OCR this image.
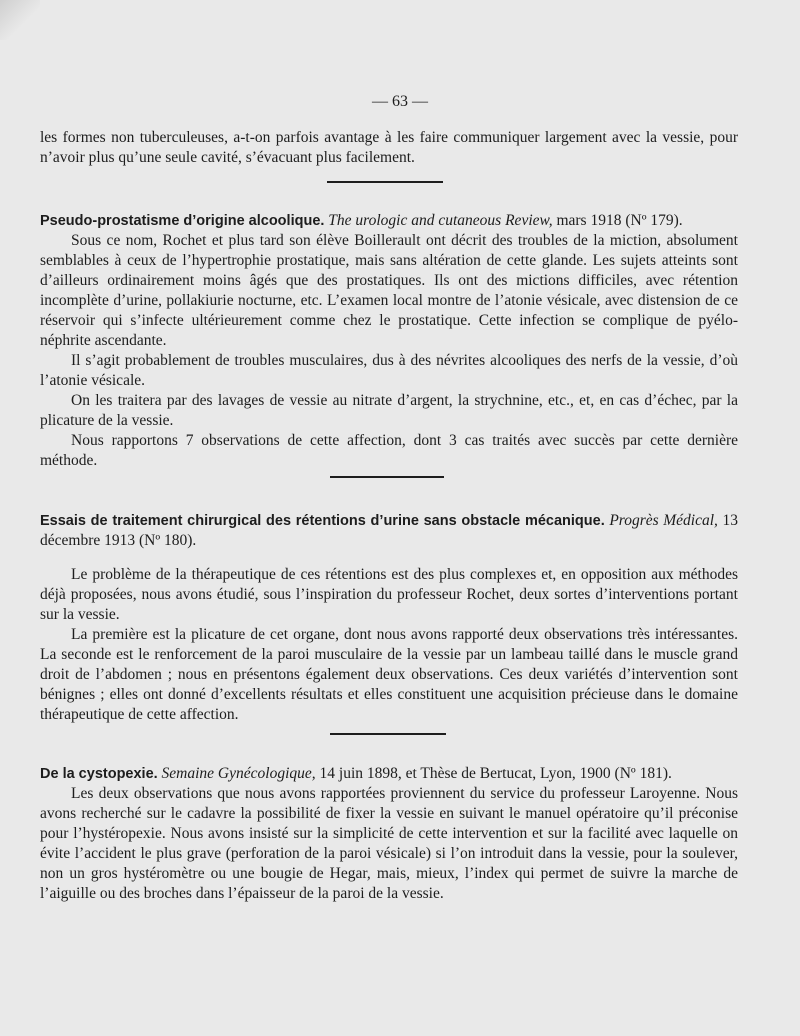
— 63 —

les formes non tuberculeuses, a-t-on parfois avantage à les faire communiquer largement avec la vessie, pour n’avoir plus qu’une seule cavité, s’évacuant plus facilement.

Pseudo-prostatisme d’origine alcoolique. The urologic and cutaneous Review, mars 1918 (Nº 179).

Sous ce nom, Rochet et plus tard son élève Boillerault ont décrit des troubles de la miction, absolument semblables à ceux de l’hypertrophie prostatique, mais sans altération de cette glande. Les sujets atteints sont d’ailleurs ordinairement moins âgés que des prostatiques. Ils ont des mictions difficiles, avec rétention incomplète d’urine, pollakiurie nocturne, etc. L’examen local montre de l’atonie vésicale, avec distension de ce réservoir qui s’infecte ultérieurement comme chez le prostatique. Cette infection se complique de pyélo-néphrite ascendante.

Il s’agit probablement de troubles musculaires, dus à des névrites alcooliques des nerfs de la vessie, d’où l’atonie vésicale.

On les traitera par des lavages de vessie au nitrate d’argent, la strychnine, etc., et, en cas d’échec, par la plicature de la vessie.

Nous rapportons 7 observations de cette affection, dont 3 cas traités avec succès par cette dernière méthode.

Essais de traitement chirurgical des rétentions d’urine sans obstacle mécanique. Progrès Médical, 13 décembre 1913 (Nº 180).

Le problème de la thérapeutique de ces rétentions est des plus complexes et, en opposition aux méthodes déjà proposées, nous avons étudié, sous l’inspiration du professeur Rochet, deux sortes d’interventions portant sur la vessie.

La première est la plicature de cet organe, dont nous avons rapporté deux observations très intéressantes. La seconde est le renforcement de la paroi musculaire de la vessie par un lambeau taillé dans le muscle grand droit de l’abdomen ; nous en présentons également deux observations. Ces deux variétés d’intervention sont bénignes ; elles ont donné d’excellents résultats et elles constituent une acquisition précieuse dans le domaine thérapeutique de cette affection.

De la cystopexie. Semaine Gynécologique, 14 juin 1898, et Thèse de Bertucat, Lyon, 1900 (Nº 181).

Les deux observations que nous avons rapportées proviennent du service du professeur Laroyenne. Nous avons recherché sur le cadavre la possibilité de fixer la vessie en suivant le manuel opératoire qu’il préconise pour l’hystéropexie. Nous avons insisté sur la simplicité de cette intervention et sur la facilité avec laquelle on évite l’accident le plus grave (perforation de la paroi vésicale) si l’on introduit dans la vessie, pour la soulever, non un gros hystéromètre ou une bougie de Hegar, mais, mieux, l’index qui permet de suivre la marche de l’aiguille ou des broches dans l’épaisseur de la paroi de la vessie.
